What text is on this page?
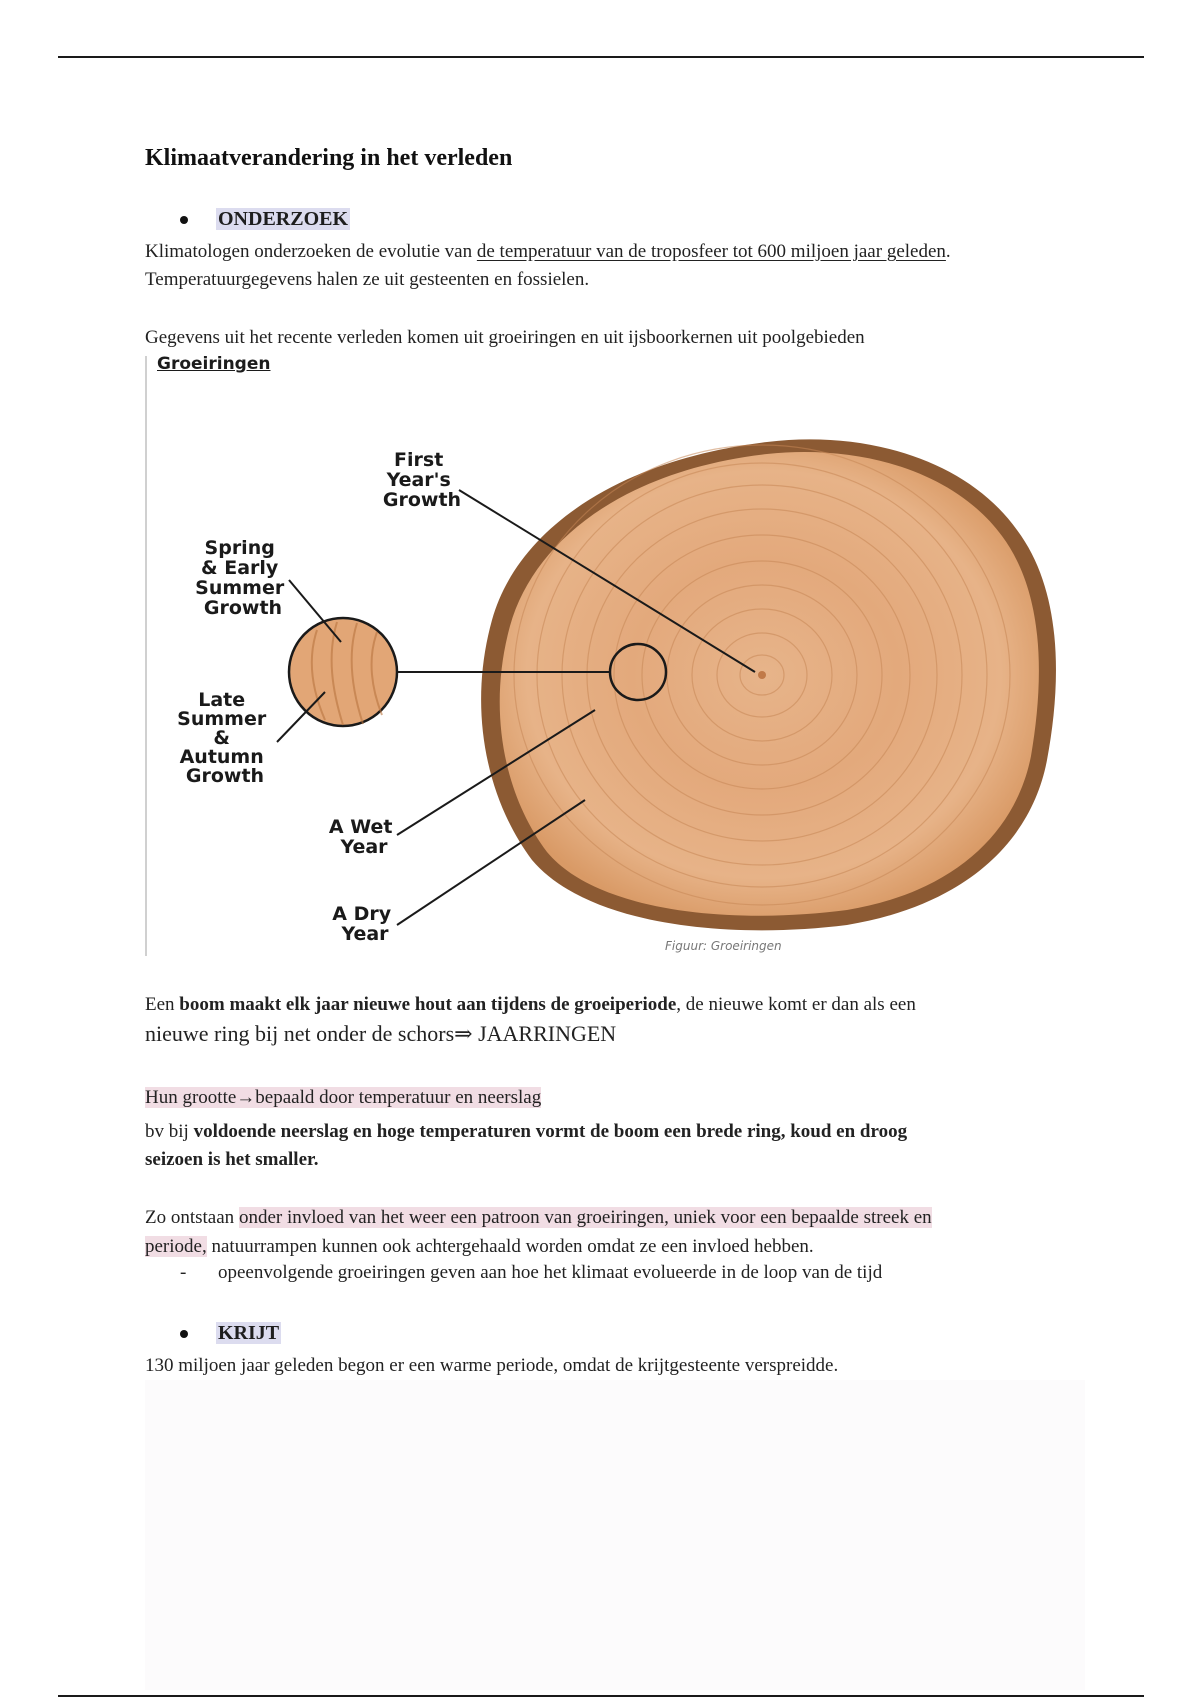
Klimaatverandering in het verleden
ONDERZOEK
Klimatologen onderzoeken de evolutie van de temperatuur van de troposfeer tot 600 miljoen jaar geleden.
Temperatuurgegevens halen ze uit gesteenten en fossielen.
Gegevens uit het recente verleden komen uit groeiringen en uit ijsboorkernen uit poolgebieden
Groeiringen
First Year's Growth
Spring & Early Summer Growth
Late Summer & Autumn Growth
A Wet Year
A Dry Year
Figuur: Groeiringen
Een boom maakt elk jaar nieuwe hout aan tijdens de groeiperiode, de nieuwe komt er dan als een
nieuwe ring bij net onder de schors⇒ JAARRINGEN
Hun grootte→bepaald door temperatuur en neerslag
bv bij voldoende neerslag en hoge temperaturen vormt de boom een brede ring, koud en droog
seizoen is het smaller.
Zo ontstaan onder invloed van het weer een patroon van groeiringen, uniek voor een bepaalde streek en
periode, natuurrampen kunnen ook achtergehaald worden omdat ze een invloed hebben.
- opeenvolgende groeiringen geven aan hoe het klimaat evolueerde in de loop van de tijd
KRIJT
130 miljoen jaar geleden begon er een warme periode, omdat de krijtgesteente verspreidde.
